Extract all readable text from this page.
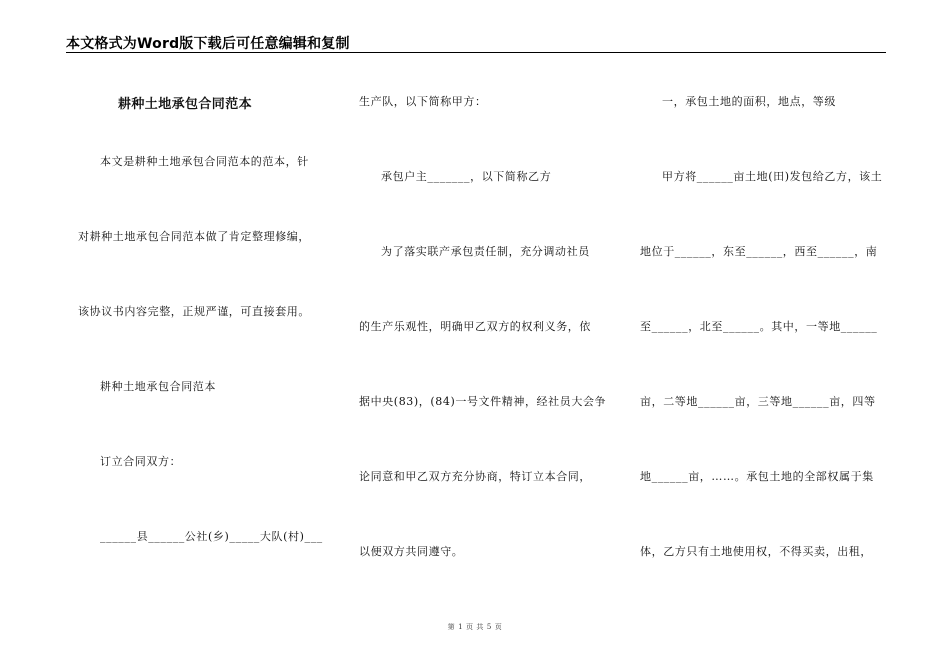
本文格式为Word版下载后可任意编辑和复制
耕种土地承包合同范本
本文是耕种土地承包合同范本的范本，针
对耕种土地承包合同范本做了肯定整理修编，
该协议书内容完整，正规严谨，可直接套用。
耕种土地承包合同范本
订立合同双方：
______县______公社(乡)_____大队(村)___
生产队，以下简称甲方：
承包户主_______，以下简称乙方
为了落实联产承包责任制，充分调动社员
的生产乐观性，明确甲乙双方的权利义务，依
据中央(83)，(84)一号文件精神，经社员大会争
论同意和甲乙双方充分协商，特订立本合同，
以便双方共同遵守。
一，承包土地的面积，地点，等级
甲方将______亩土地(田)发包给乙方，该土
地位于______，东至______，西至______，南
至______，北至______。其中，一等地______
亩，二等地______亩，三等地______亩，四等
地______亩，……。承包土地的全部权属于集
体，乙方只有土地使用权，不得买卖，出租，
第 1 页 共 5 页
